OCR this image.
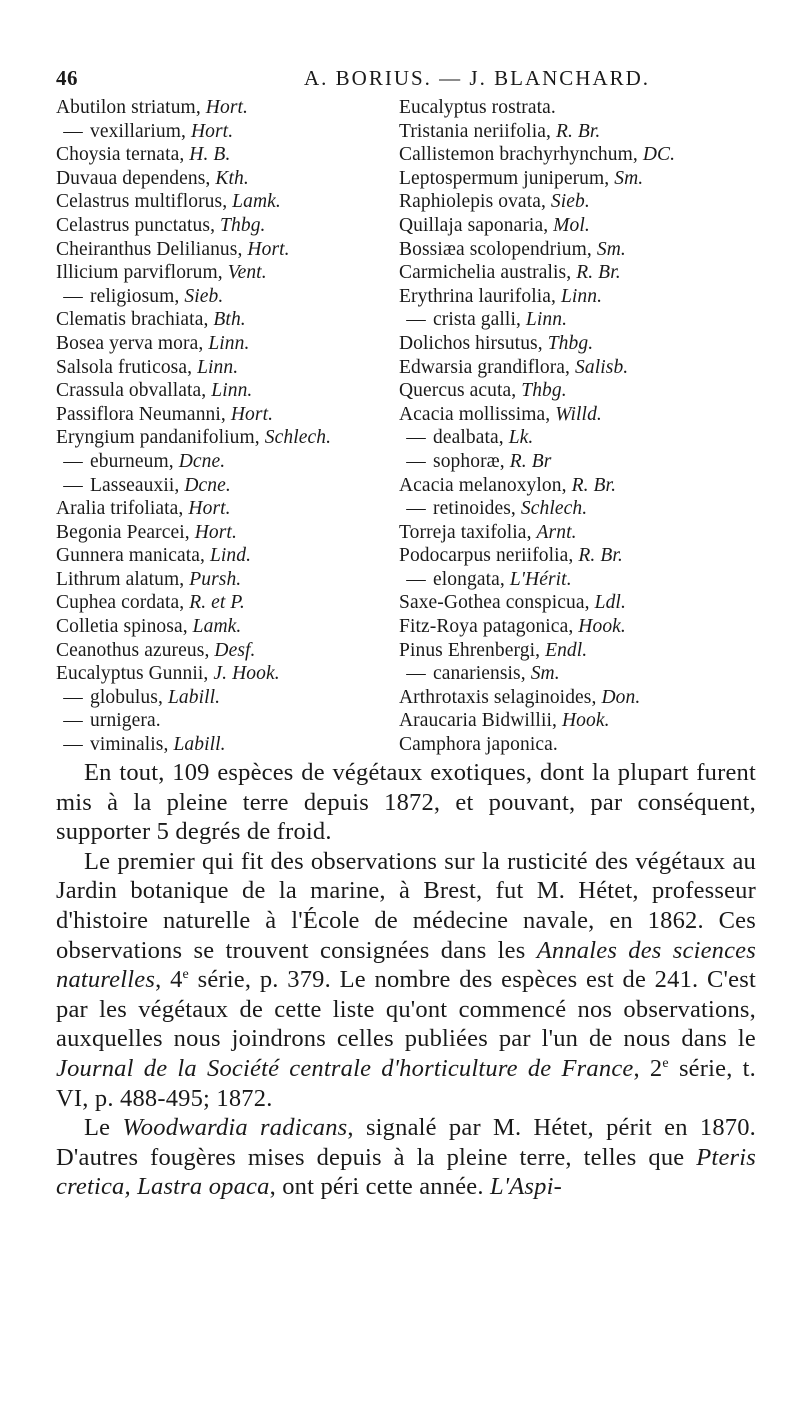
46	A. BORIUS. — J. BLANCHARD.
Abutilon striatum, Hort.
— vexillarium, Hort.
Choysia ternata, H. B.
Duvaua dependens, Kth.
Celastrus multiflorus, Lamk.
Celastrus punctatus, Thbg.
Cheiranthus Delilianus, Hort.
Illicium parviflorum, Vent.
— religiosum, Sieb.
Clematis brachiata, Bth.
Bosea yerva mora, Linn.
Salsola fruticosa, Linn.
Crassula obvallata, Linn.
Passiflora Neumanni, Hort.
Eryngium pandanifolium, Schlech.
— eburneum, Dcne.
— Lasseauxii, Dcne.
Aralia trifoliata, Hort.
Begonia Pearcei, Hort.
Gunnera manicata, Lind.
Lithrum alatum, Pursh.
Cuphea cordata, R. et P.
Colletia spinosa, Lamk.
Ceanothus azureus, Desf.
Eucalyptus Gunnii, J. Hook.
— globulus, Labill.
— urnigera.
— viminalis, Labill.
Eucalyptus rostrata.
Tristania neriifolia, R. Br.
Callistemon brachyrhynchum, DC.
Leptospermum juniperum, Sm.
Raphiolepis ovata, Sieb.
Quillaja saponaria, Mol.
Bossiæa scolopendrium, Sm.
Carmichelia australis, R. Br.
Erythrina laurifolia, Linn.
— crista galli, Linn.
Dolichos hirsutus, Thbg.
Edwarsia grandiflora, Salisb.
Quercus acuta, Thbg.
Acacia mollissima, Willd.
— dealbata, Lk.
— sophoræ, R. Br
Acacia melanoxylon, R. Br.
— retinoides, Schlech.
Torreja taxifolia, Arnt.
Podocarpus neriifolia, R. Br.
— elongata, L'Hérit.
Saxe-Gothea conspicua, Ldl.
Fitz-Roya patagonica, Hook.
Pinus Ehrenbergi, Endl.
— canariensis, Sm.
Arthrotaxis selaginoides, Don.
Araucaria Bidwillii, Hook.
Camphora japonica.

En tout, 109 espèces de végétaux exotiques, dont la plupart furent mis à la pleine terre depuis 1872, et pouvant, par conséquent, supporter 5 degrés de froid.

Le premier qui fit des observations sur la rusticité des végétaux au Jardin botanique de la marine, à Brest, fut M. Hétet, professeur d'histoire naturelle à l'École de médecine navale, en 1862. Ces observations se trouvent consignées dans les Annales des sciences naturelles, 4e série, p. 379. Le nombre des espèces est de 241. C'est par les végétaux de cette liste qu'ont commencé nos observations, auxquelles nous joindrons celles publiées par l'un de nous dans le Journal de la Société centrale d'horticulture de France, 2e série, t. VI, p. 488-495; 1872.

Le Woodwardia radicans, signalé par M. Hétet, périt en 1870. D'autres fougères mises depuis à la pleine terre, telles que Pteris cretica, Lastra opaca, ont péri cette année. L'Aspi-
